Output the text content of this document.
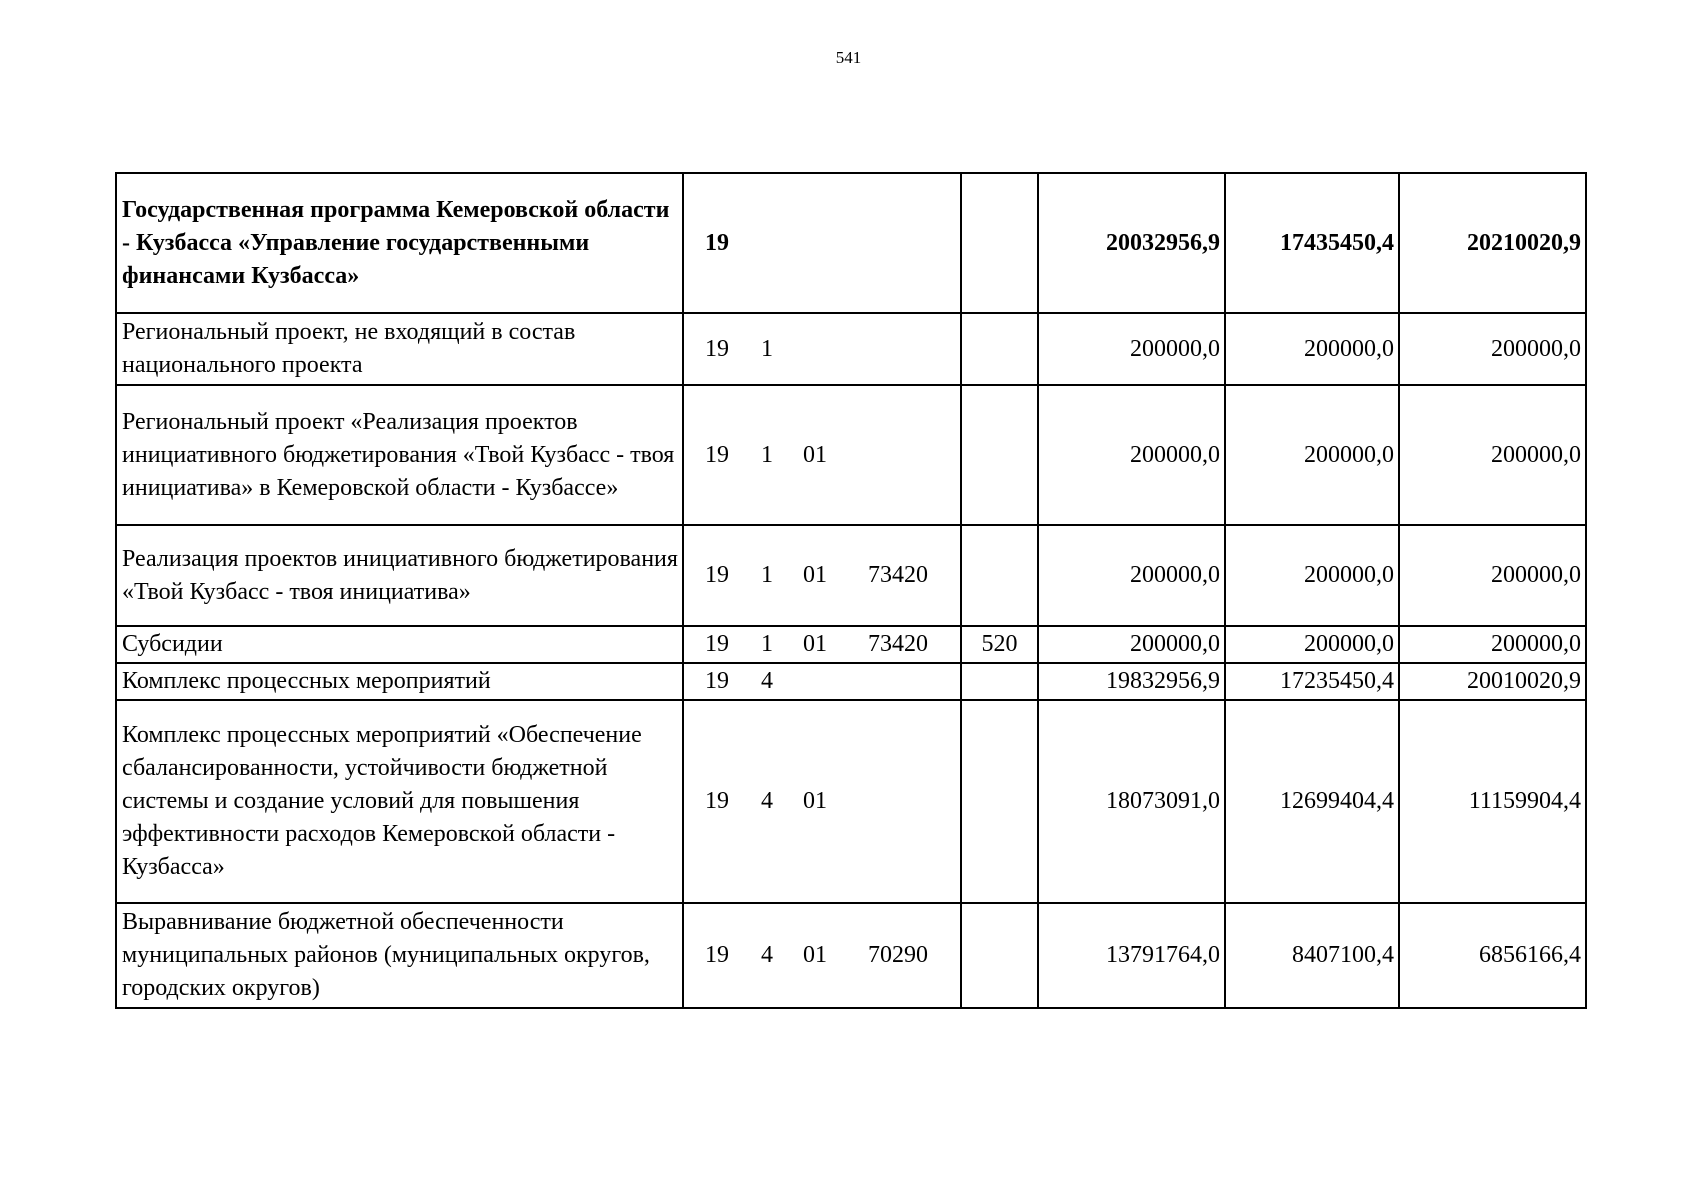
541
Государственная программа Кемеровской области - Кузбасса «Управление государственными финансами Кузбасса»	19		20032956,9	17435450,4	20210020,9
Региональный проект, не входящий в состав национального проекта	19 1		200000,0	200000,0	200000,0
Региональный проект «Реализация проектов инициативного бюджетирования «Твой Кузбасс - твоя инициатива» в Кемеровской области - Кузбассе»	19 1 01		200000,0	200000,0	200000,0
Реализация проектов инициативного бюджетирования «Твой Кузбасс - твоя инициатива»	19 1 01 73420		200000,0	200000,0	200000,0
Субсидии	19 1 01 73420	520	200000,0	200000,0	200000,0
Комплекс процессных мероприятий	19 4		19832956,9	17235450,4	20010020,9
Комплекс процессных мероприятий «Обеспечение сбалансированности, устойчивости бюджетной системы и создание условий для повышения эффективности расходов Кемеровской области - Кузбасса»	19 4 01		18073091,0	12699404,4	11159904,4
Выравнивание бюджетной обеспеченности муниципальных районов (муниципальных округов, городских округов)	19 4 01 70290		13791764,0	8407100,4	6856166,4
